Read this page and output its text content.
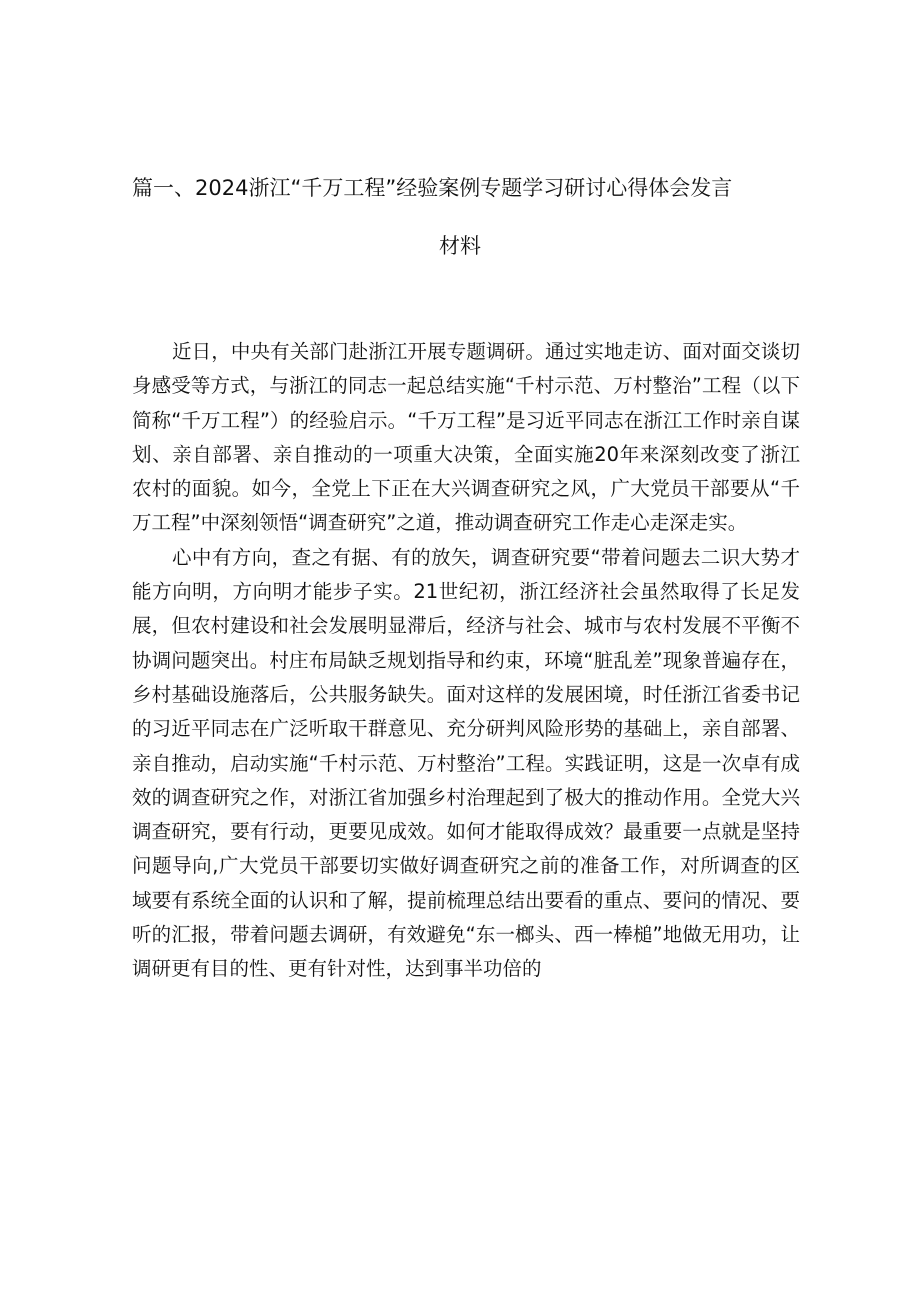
篇一、2024浙江“千万工程”经验案例专题学习研讨心得体会发言
材料

近日，中央有关部门赴浙江开展专题调研。通过实地走访、面对面交谈切身感受等方式，与浙江的同志一起总结实施“千村示范、万村整治”工程（以下简称“千万工程”）的经验启示。“千万工程”是习近平同志在浙江工作时亲自谋划、亲自部署、亲自推动的一项重大决策，全面实施20年来深刻改变了浙江农村的面貌。如今，全党上下正在大兴调查研究之风，广大党员干部要从“千万工程”中深刻领悟“调查研究”之道，推动调查研究工作走心走深走实。

心中有方向，查之有据、有的放矢，调查研究要“带着问题去二识大势才能方向明，方向明才能步子实。21世纪初，浙江经济社会虽然取得了长足发展，但农村建设和社会发展明显滞后，经济与社会、城市与农村发展不平衡不协调问题突出。村庄布局缺乏规划指导和约束，环境“脏乱差”现象普遍存在，乡村基础设施落后，公共服务缺失。面对这样的发展困境，时任浙江省委书记的习近平同志在广泛听取干群意见、充分研判风险形势的基础上，亲自部署、亲自推动，启动实施“千村示范、万村整治”工程。实践证明，这是一次卓有成效的调查研究之作，对浙江省加强乡村治理起到了极大的推动作用。全党大兴调查研究，要有行动，更要见成效。如何才能取得成效？最重要一点就是坚持问题导向,广大党员干部要切实做好调查研究之前的准备工作，对所调查的区域要有系统全面的认识和了解，提前梳理总结出要看的重点、要问的情况、要听的汇报，带着问题去调研，有效避免“东一榔头、西一棒槌”地做无用功，让调研更有目的性、更有针对性，达到事半功倍的
